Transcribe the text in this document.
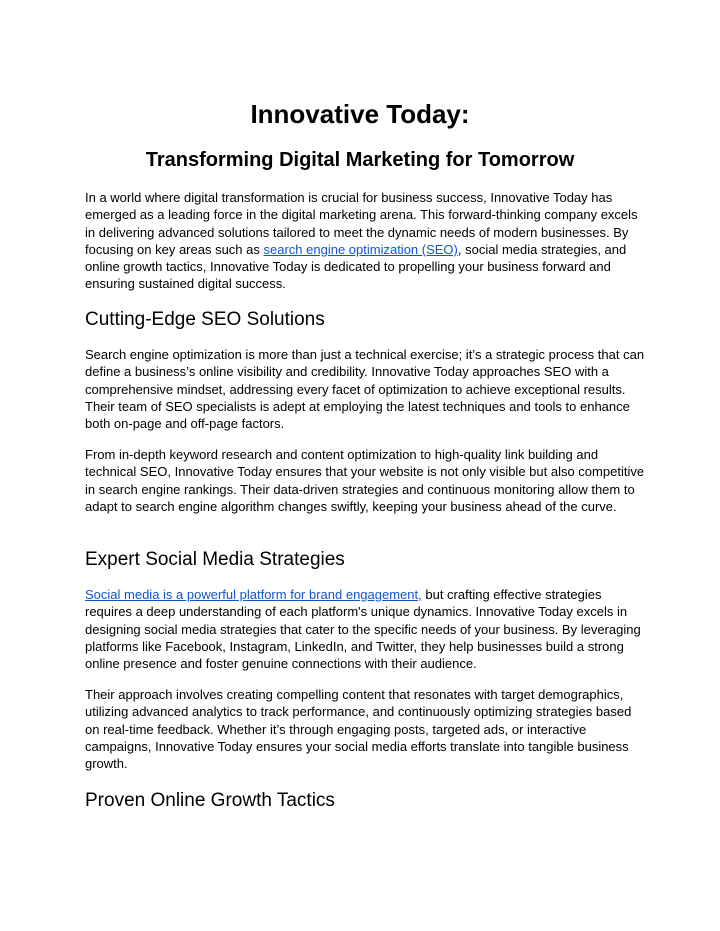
Innovative Today:
Transforming Digital Marketing for Tomorrow

In a world where digital transformation is crucial for business success, Innovative Today has emerged as a leading force in the digital marketing arena. This forward-thinking company excels in delivering advanced solutions tailored to meet the dynamic needs of modern businesses. By focusing on key areas such as search engine optimization (SEO), social media strategies, and online growth tactics, Innovative Today is dedicated to propelling your business forward and ensuring sustained digital success.

Cutting-Edge SEO Solutions

Search engine optimization is more than just a technical exercise; it’s a strategic process that can define a business’s online visibility and credibility. Innovative Today approaches SEO with a comprehensive mindset, addressing every facet of optimization to achieve exceptional results. Their team of SEO specialists is adept at employing the latest techniques and tools to enhance both on-page and off-page factors.

From in-depth keyword research and content optimization to high-quality link building and technical SEO, Innovative Today ensures that your website is not only visible but also competitive in search engine rankings. Their data-driven strategies and continuous monitoring allow them to adapt to search engine algorithm changes swiftly, keeping your business ahead of the curve.

Expert Social Media Strategies

Social media is a powerful platform for brand engagement, but crafting effective strategies requires a deep understanding of each platform's unique dynamics. Innovative Today excels in designing social media strategies that cater to the specific needs of your business. By leveraging platforms like Facebook, Instagram, LinkedIn, and Twitter, they help businesses build a strong online presence and foster genuine connections with their audience.

Their approach involves creating compelling content that resonates with target demographics, utilizing advanced analytics to track performance, and continuously optimizing strategies based on real-time feedback. Whether it’s through engaging posts, targeted ads, or interactive campaigns, Innovative Today ensures your social media efforts translate into tangible business growth.

Proven Online Growth Tactics
